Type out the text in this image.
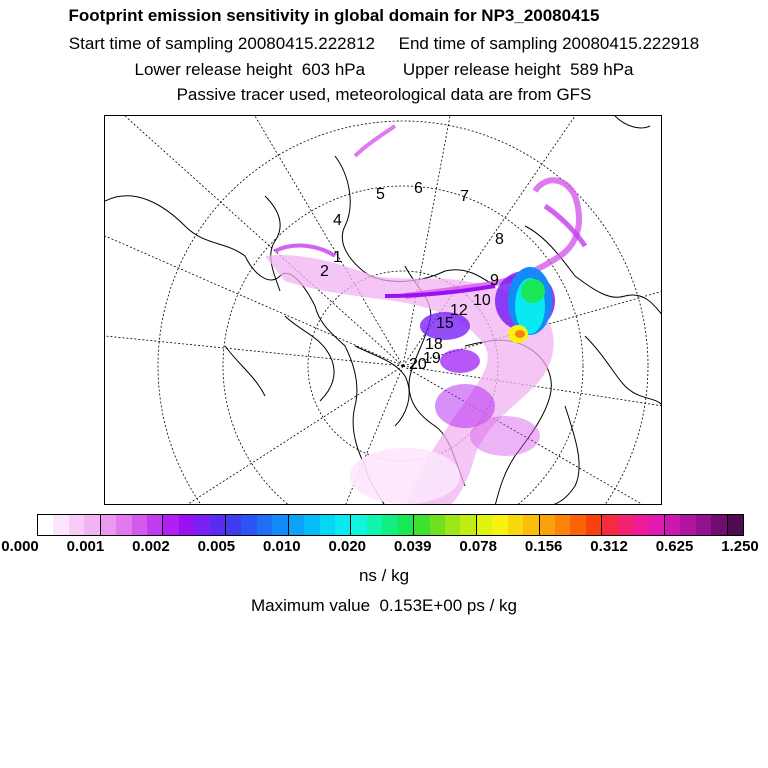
Footprint emission sensitivity in global domain for NP3_20080415
Start time of sampling 20080415.222812     End time of sampling 20080415.222918
Lower release height  603 hPa        Upper release height  589 hPa
Passive tracer used, meteorological data are from GFS
1
2
4
5 6 7
8
9
10
12
15
18
19
20
0.000 0.001 0.002 0.005 0.010 0.020 0.039 0.078 0.156 0.312 0.625 1.250
ns / kg
Maximum value  0.153E+00 ps / kg
